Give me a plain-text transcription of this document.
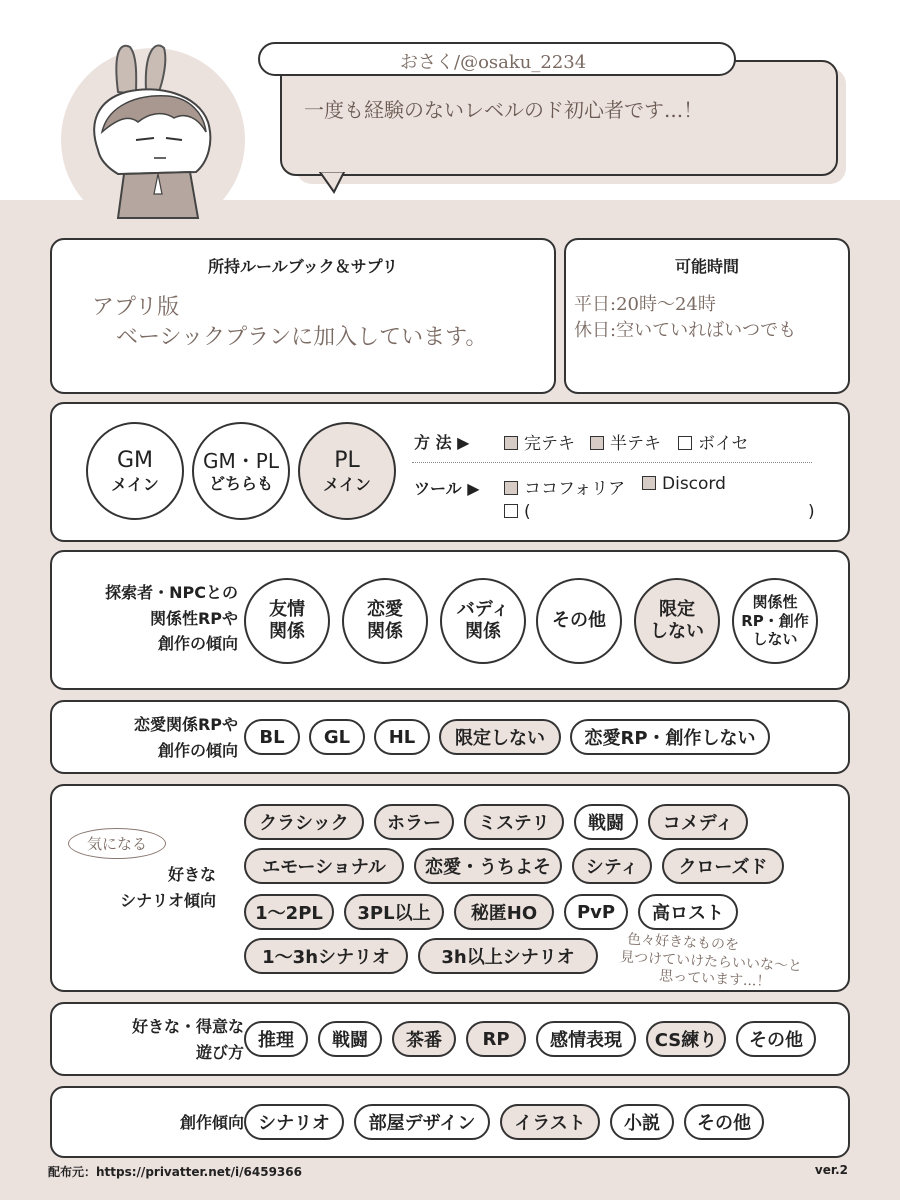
おさく/@osaku_2234
一度も経験のないレベルのド初心者です...！
所持ルールブック＆サプリ
アプリ版
ベーシックプランに加入しています。
可能時間
平日:20時〜24時
休日:空いていればいつでも
GM
メイン
GM・PL
どちらも
PL
メイン
方 法 ▶	完テキ	半テキ	ボイセ
ツール ▶	ココフォリア	Discord
(	)
探索者・NPCとの
関係性RPや
創作の傾向
友情
関係
恋愛
関係
バディ
関係
その他
限定
しない
関係性
RP・創作
しない
恋愛関係RPや
創作の傾向
BL	GL	HL	限定しない	恋愛RP・創作しない
好きな
シナリオ傾向
気になる
クラシック	ホラー	ミステリ	戦闘	コメディ
エモーショナル	恋愛・うちよそ	シティ	クローズド
1〜2PL	3PL以上	秘匿HO	PvP	高ロスト
1〜3hシナリオ	3h以上シナリオ
色々好きなものを
見つけていけたらいいな〜と
思っています...！
好きな・得意な
遊び方
推理	戦闘	茶番	RP	感情表現	CS練り	その他
創作傾向 シナリオ	部屋デザイン	イラスト	小説	その他
配布元：https://privatter.net/i/6459366	ver.2
